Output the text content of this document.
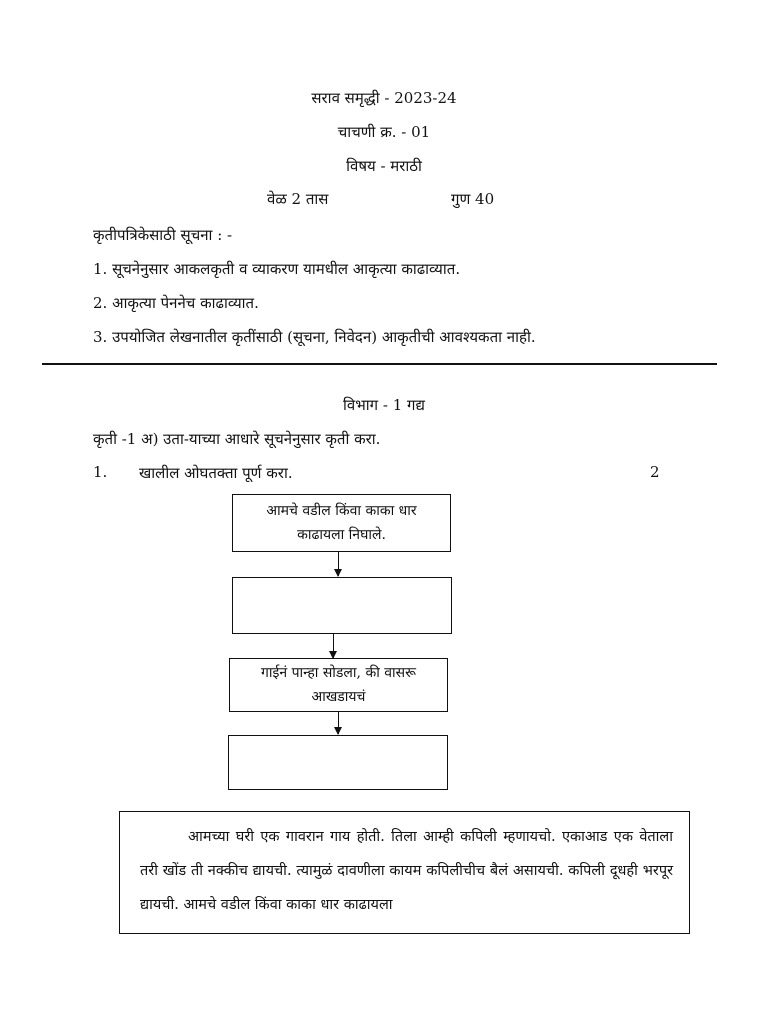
सराव समृद्धी - 2023-24
चाचणी क्र. - 01
विषय - मराठी
वेळ 2 तास	गुण 40
कृतीपत्रिकेसाठी सूचना : -
1. सूचनेनुसार आकलकृती व व्याकरण यामधील आकृत्या काढाव्यात.
2. आकृत्या पेननेच काढाव्यात.
3. उपयोजित लेखनातील कृतींसाठी (सूचना, निवेदन) आकृतीची आवश्यकता नाही.
विभाग - 1 गद्य
कृती -1 अ) उता-याच्या आधारे सूचनेनुसार कृती करा.
1. खालील ओघतक्ता पूर्ण करा.	2
आमचे वडील किंवा काका धार काढायला निघाले.
गाईनं पान्हा सोडला, की वासरू आखडायचं

आमच्या घरी एक गावरान गाय होती. तिला आम्ही कपिली म्हणायचो. एकाआड एक वेताला तरी खोंड ती नक्कीच द्यायची. त्यामुळं दावणीला कायम कपिलीचीच बैलं असायची. कपिली दूधही भरपूर द्यायची. आमचे वडील किंवा काका धार काढायला
